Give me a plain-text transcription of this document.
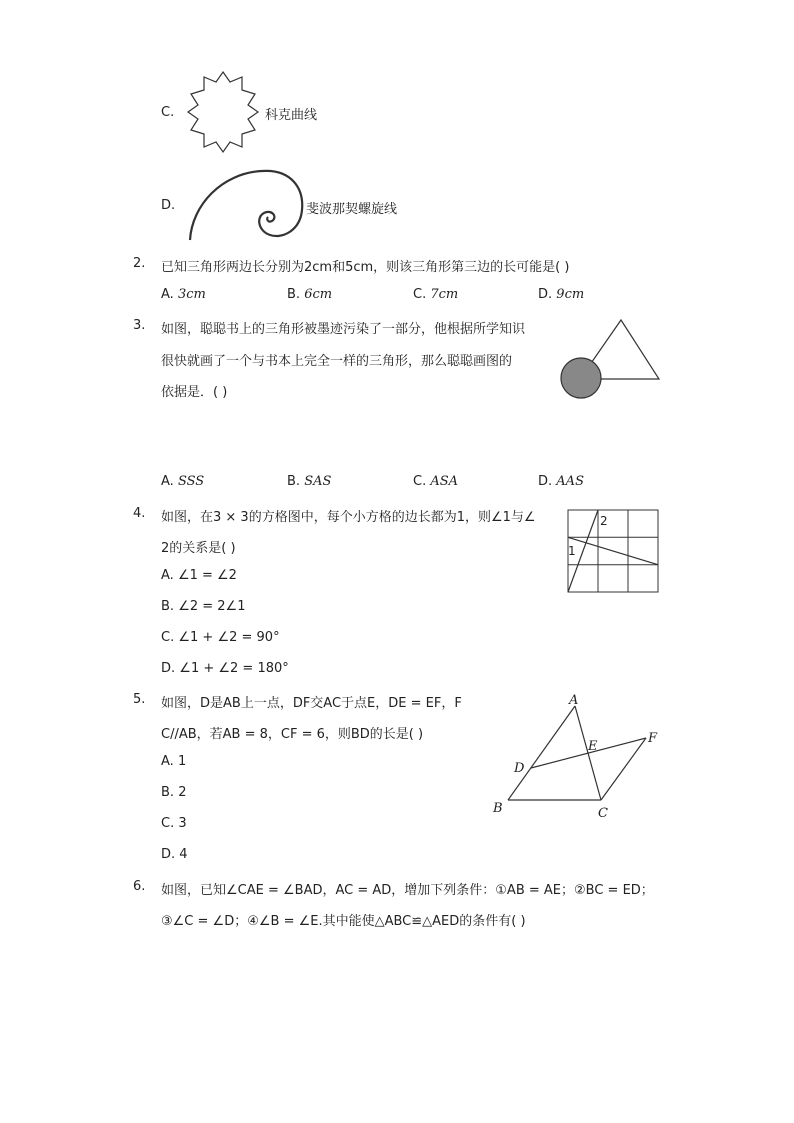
C.	科克曲线
D.	斐波那契螺旋线
2. 已知三角形两边长分别为2cm和5cm，则该三角形第三边的长可能是( )
A. 3cm	B. 6cm	C. 7cm	D. 9cm
3. 如图，聪聪书上的三角形被墨迹污染了一部分，他根据所学知识
很快就画了一个与书本上完全一样的三角形，那么聪聪画图的
依据是．( )
A. SSS	B. SAS	C. ASA	D. AAS
4. 如图，在3 × 3的方格图中，每个小方格的边长都为1，则∠1与∠
2的关系是( )
A. ∠1 = ∠2
B. ∠2 = 2∠1
C. ∠1 + ∠2 = 90°
D. ∠1 + ∠2 = 180°
1
2
5. 如图，D是AB上一点，DF交AC于点E，DE = EF，F
C//AB，若AB = 8，CF = 6，则BD的长是( )
A. 1
B. 2
C. 3
D. 4
A
B	C
D
E
F
6. 如图，已知∠CAE = ∠BAD，AC = AD，增加下列条件：①AB = AE；②BC = ED；
③∠C = ∠D；④∠B = ∠E.其中能使△ABC≌△AED的条件有( )
